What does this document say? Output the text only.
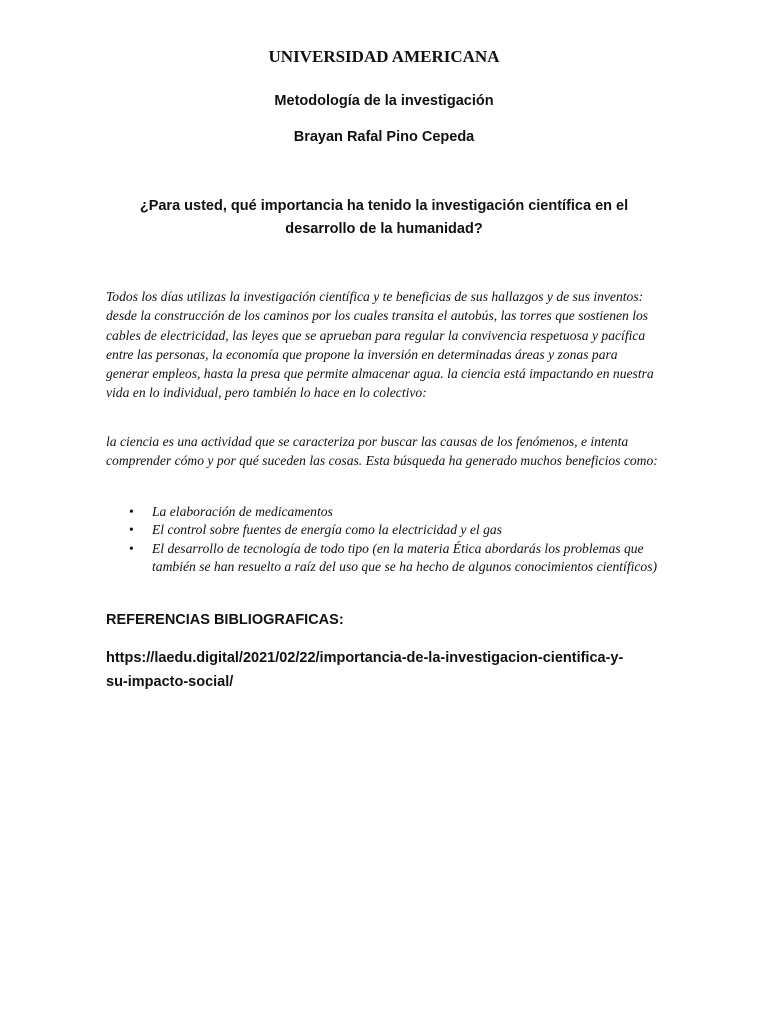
UNIVERSIDAD AMERICANA
Metodología de la investigación
Brayan Rafal Pino Cepeda
¿Para usted, qué importancia ha tenido la investigación científica en el desarrollo de la humanidad?

Todos los días utilizas la investigación científica y te beneficias de sus hallazgos y de sus inventos: desde la construcción de los caminos por los cuales transita el autobús, las torres que sostienen los cables de electricidad, las leyes que se aprueban para regular la convivencia respetuosa y pacífica entre las personas, la economía que propone la inversión en determinadas áreas y zonas para generar empleos, hasta la presa que permite almacenar agua. la ciencia está impactando en nuestra vida en lo individual, pero también lo hace en lo colectivo:

la ciencia es una actividad que se caracteriza por buscar las causas de los fenómenos, e intenta comprender cómo y por qué suceden las cosas. Esta búsqueda ha generado muchos beneficios como:

• La elaboración de medicamentos
• El control sobre fuentes de energía como la electricidad y el gas
• El desarrollo de tecnología de todo tipo (en la materia Ética abordarás los problemas que también se han resuelto a raíz del uso que se ha hecho de algunos conocimientos científicos)
REFERENCIAS BIBLIOGRAFICAS:
https://laedu.digital/2021/02/22/importancia-de-la-investigacion-cientifica-y-su-impacto-social/
